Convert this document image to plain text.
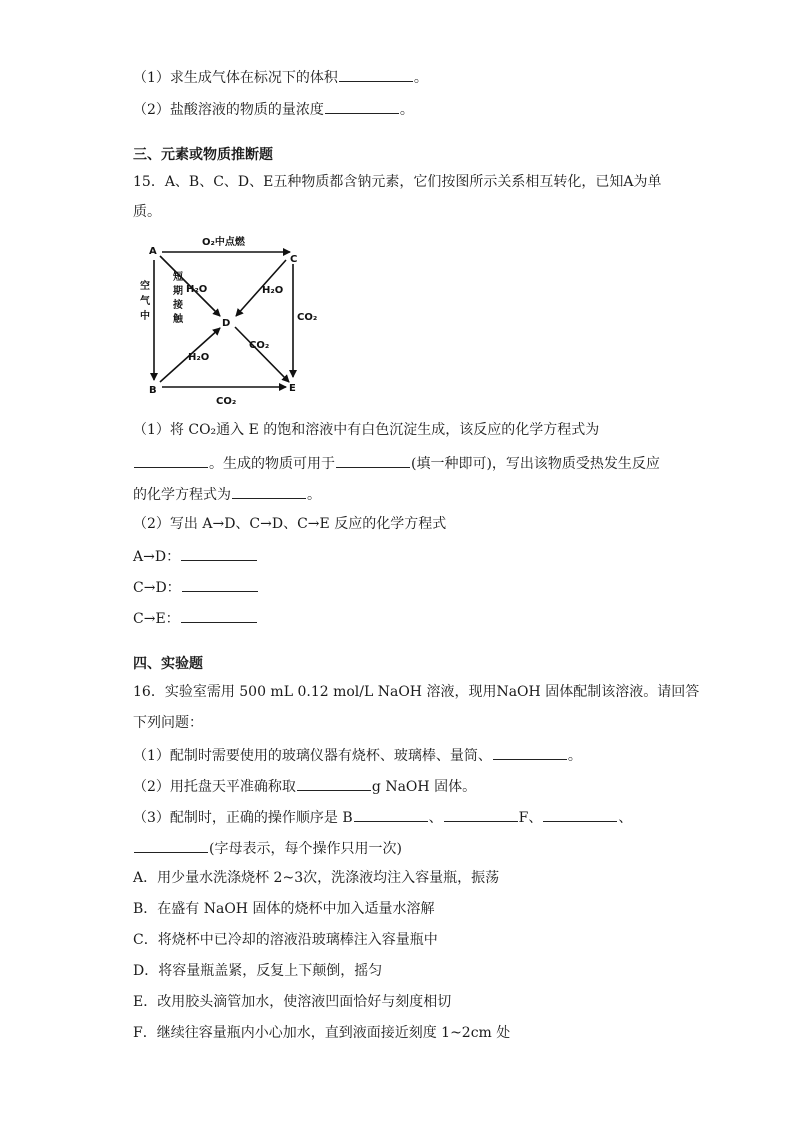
（1）求生成气体在标况下的体积	。
（2）盐酸溶液的物质的量浓度	。
三、元素或物质推断题
15．A、B、C、D、E五种物质都含钠元素，它们按图所示关系相互转化，已知A为单
质。
A
B
C
D
E
O₂中点燃
空
气
中
H₂O
短
期
接
触
H₂O
CO₂
H₂O
CO₂
CO₂
（1）将 CO₂通入 E 的饱和溶液中有白色沉淀生成，该反应的化学方程式为
。生成的物质可用于	(填一种即可)，写出该物质受热发生反应
的化学方程式为	。
（2）写出 A→D、C→D、C→E 反应的化学方程式
A→D：
C→D：
C→E：
四、实验题
16．实验室需用 500 mL 0.12 mol/L NaOH 溶液，现用NaOH 固体配制该溶液。请回答
下列问题：
（1）配制时需要使用的玻璃仪器有烧杯、玻璃棒、量筒、	。
（2）用托盘天平准确称取	g NaOH 固体。
（3）配制时，正确的操作顺序是 B	、	F、	、
(字母表示，每个操作只用一次)
A．用少量水洗涤烧杯 2~3次，洗涤液均注入容量瓶，振荡
B．在盛有 NaOH 固体的烧杯中加入适量水溶解
C．将烧杯中已冷却的溶液沿玻璃棒注入容量瓶中
D．将容量瓶盖紧，反复上下颠倒，摇匀
E．改用胶头滴管加水，使溶液凹面恰好与刻度相切
F．继续往容量瓶内小心加水，直到液面接近刻度 1~2cm 处
